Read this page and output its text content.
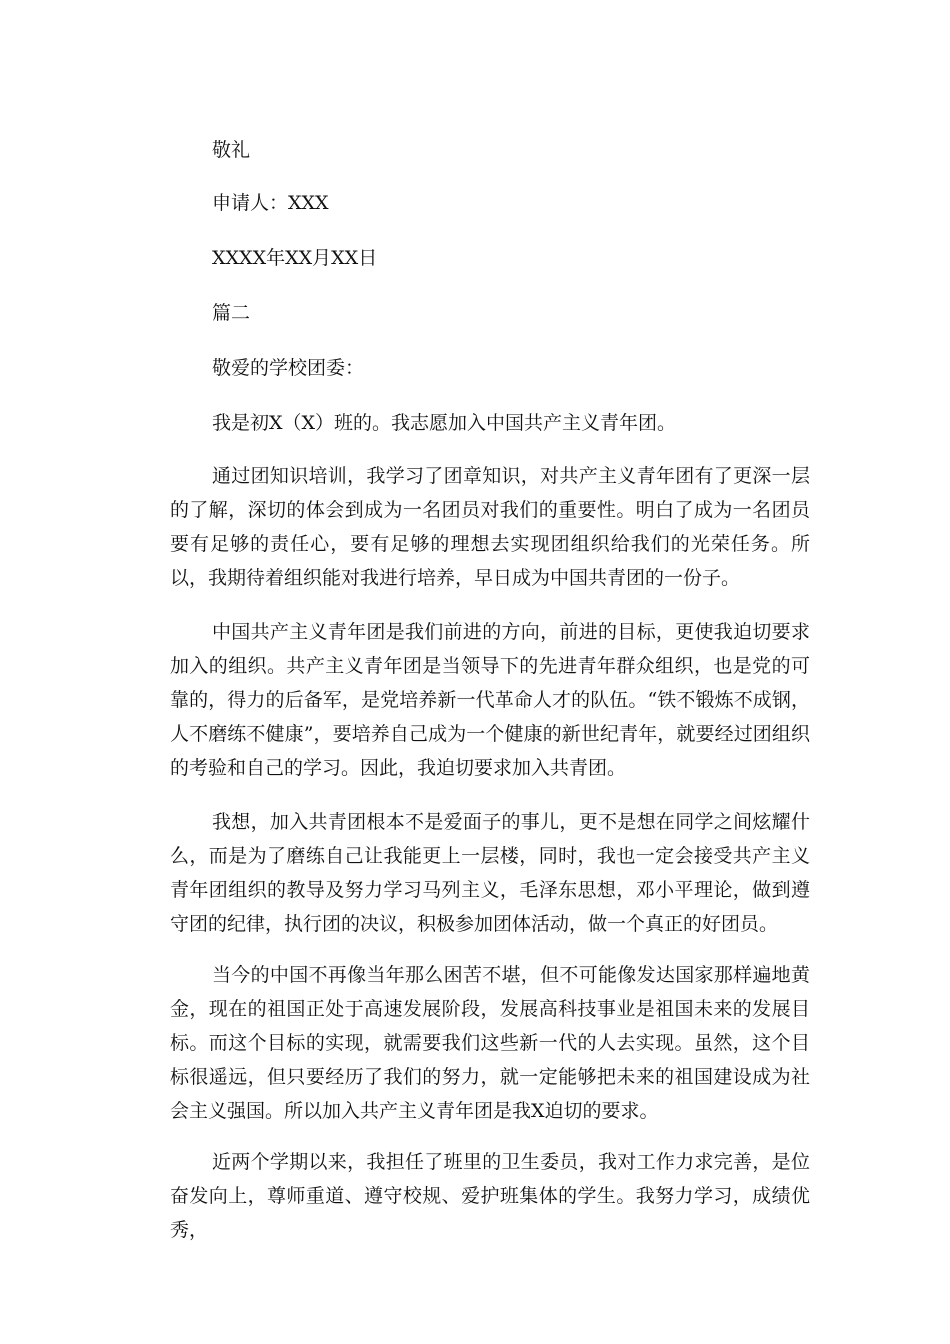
敬礼
申请人：XXX
XXXX年XX月XX日
篇二
敬爱的学校团委：
我是初X（X）班的。我志愿加入中国共产主义青年团。
通过团知识培训，我学习了团章知识，对共产主义青年团有了更深一层的了解，深切的体会到成为一名团员对我们的重要性。明白了成为一名团员要有足够的责任心，要有足够的理想去实现团组织给我们的光荣任务。所以，我期待着组织能对我进行培养，早日成为中国共青团的一份子。
中国共产主义青年团是我们前进的方向，前进的目标，更使我迫切要求加入的组织。共产主义青年团是当领导下的先进青年群众组织，也是党的可靠的，得力的后备军，是党培养新一代革命人才的队伍。“铁不锻炼不成钢，人不磨练不健康”，要培养自己成为一个健康的新世纪青年，就要经过团组织的考验和自己的学习。因此，我迫切要求加入共青团。
我想，加入共青团根本不是爱面子的事儿，更不是想在同学之间炫耀什么，而是为了磨练自己让我能更上一层楼，同时，我也一定会接受共产主义青年团组织的教导及努力学习马列主义，毛泽东思想，邓小平理论，做到遵守团的纪律，执行团的决议，积极参加团体活动，做一个真正的好团员。
当今的中国不再像当年那么困苦不堪，但不可能像发达国家那样遍地黄金，现在的祖国正处于高速发展阶段，发展高科技事业是祖国未来的发展目标。而这个目标的实现，就需要我们这些新一代的人去实现。虽然，这个目标很遥远，但只要经历了我们的努力，就一定能够把未来的祖国建设成为社会主义强国。所以加入共产主义青年团是我X迫切的要求。
近两个学期以来，我担任了班里的卫生委员，我对工作力求完善，是位奋发向上，尊师重道、遵守校规、爱护班集体的学生。我努力学习，成绩优秀，
